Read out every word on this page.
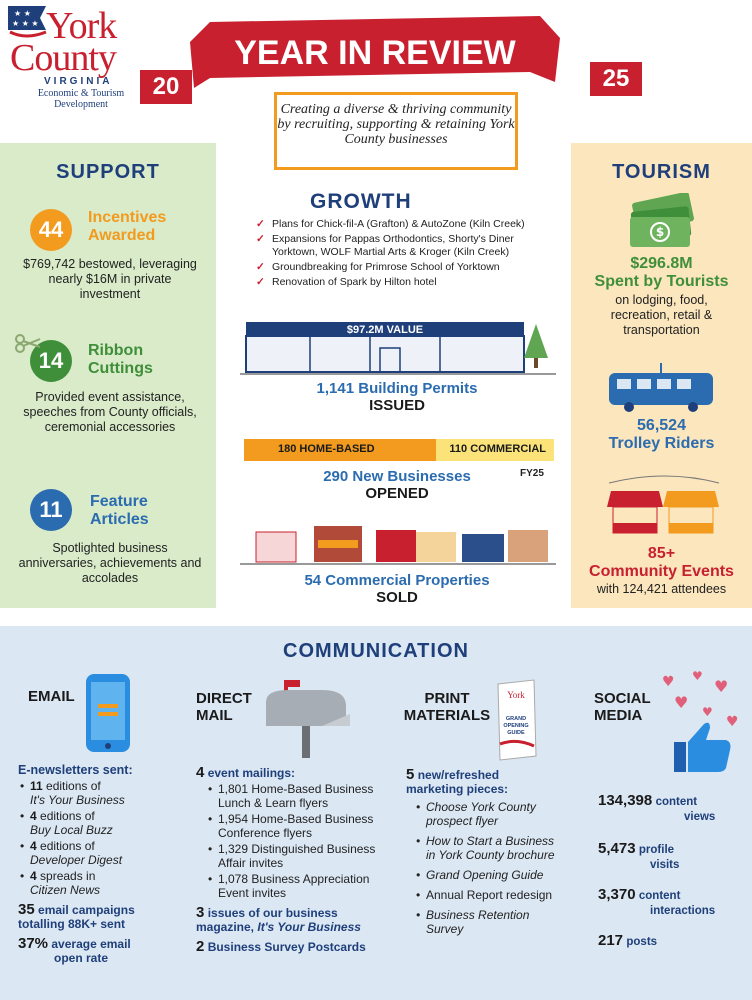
★ ★
★ ★ ★ York
County
VIRGINIA
Economic & Tourism Development
YEAR IN REVIEW
20	25
Creating a diverse & thriving community by recruiting, supporting & retaining York County businesses
SUPPORT
44	Incentives
Awarded
$769,742 bestowed, leveraging nearly $16M in private investment
14	Ribbon
Cuttings
Provided event assistance, speeches from County officials, ceremonial accessories
11	Feature
Articles
Spotlighted business anniversaries, achievements and accolades
GROWTH
✓ Plans for Chick-fil-A (Grafton) & AutoZone (Kiln Creek)
✓ Expansions for Pappas Orthodontics, Shorty's Diner Yorktown, WOLF Martial Arts & Kroger (Kiln Creek)
✓ Groundbreaking for Primrose School of Yorktown
✓ Renovation of Spark by Hilton hotel
$97.2M VALUE
1,141 Building Permits
ISSUED
180 HOME-BASED	110 COMMERCIAL
FY25
290 New Businesses
OPENED
54 Commercial Properties
SOLD
TOURISM
$
$296.8M
Spent by Tourists
on lodging, food, recreation, retail & transportation
56,524
Trolley Riders
85+
Community Events
with 124,421 attendees
COMMUNICATION
EMAIL
E-newsletters sent:
• 11 editions of
It's Your Business
• 4 editions of
Buy Local Buzz
• 4 editions of
Developer Digest
• 4 spreads in
Citizen News
35 email campaigns
totalling 88K+ sent
37% average email
open rate
DIRECT
MAIL
4 event mailings:
• 1,801 Home-Based Business Lunch & Learn flyers
• 1,954 Home-Based Business Conference flyers
• 1,329 Distinguished Business Affair invites
• 1,078 Business Appreciation Event invites
3 issues of our business magazine, It's Your Business
2 Business Survey Postcards
PRINT
MATERIALS
York
GRAND
OPENING
GUIDE
5 new/refreshed
marketing pieces:
• Choose York County prospect flyer
• How to Start a Business in York County brochure
• Grand Opening Guide
• Annual Report redesign
• Business Retention Survey
SOCIAL
MEDIA
♥ ♥
♥
♥ ♥
♥
134,398 content
views
5,473 profile
visits
3,370 content
interactions
217 posts
